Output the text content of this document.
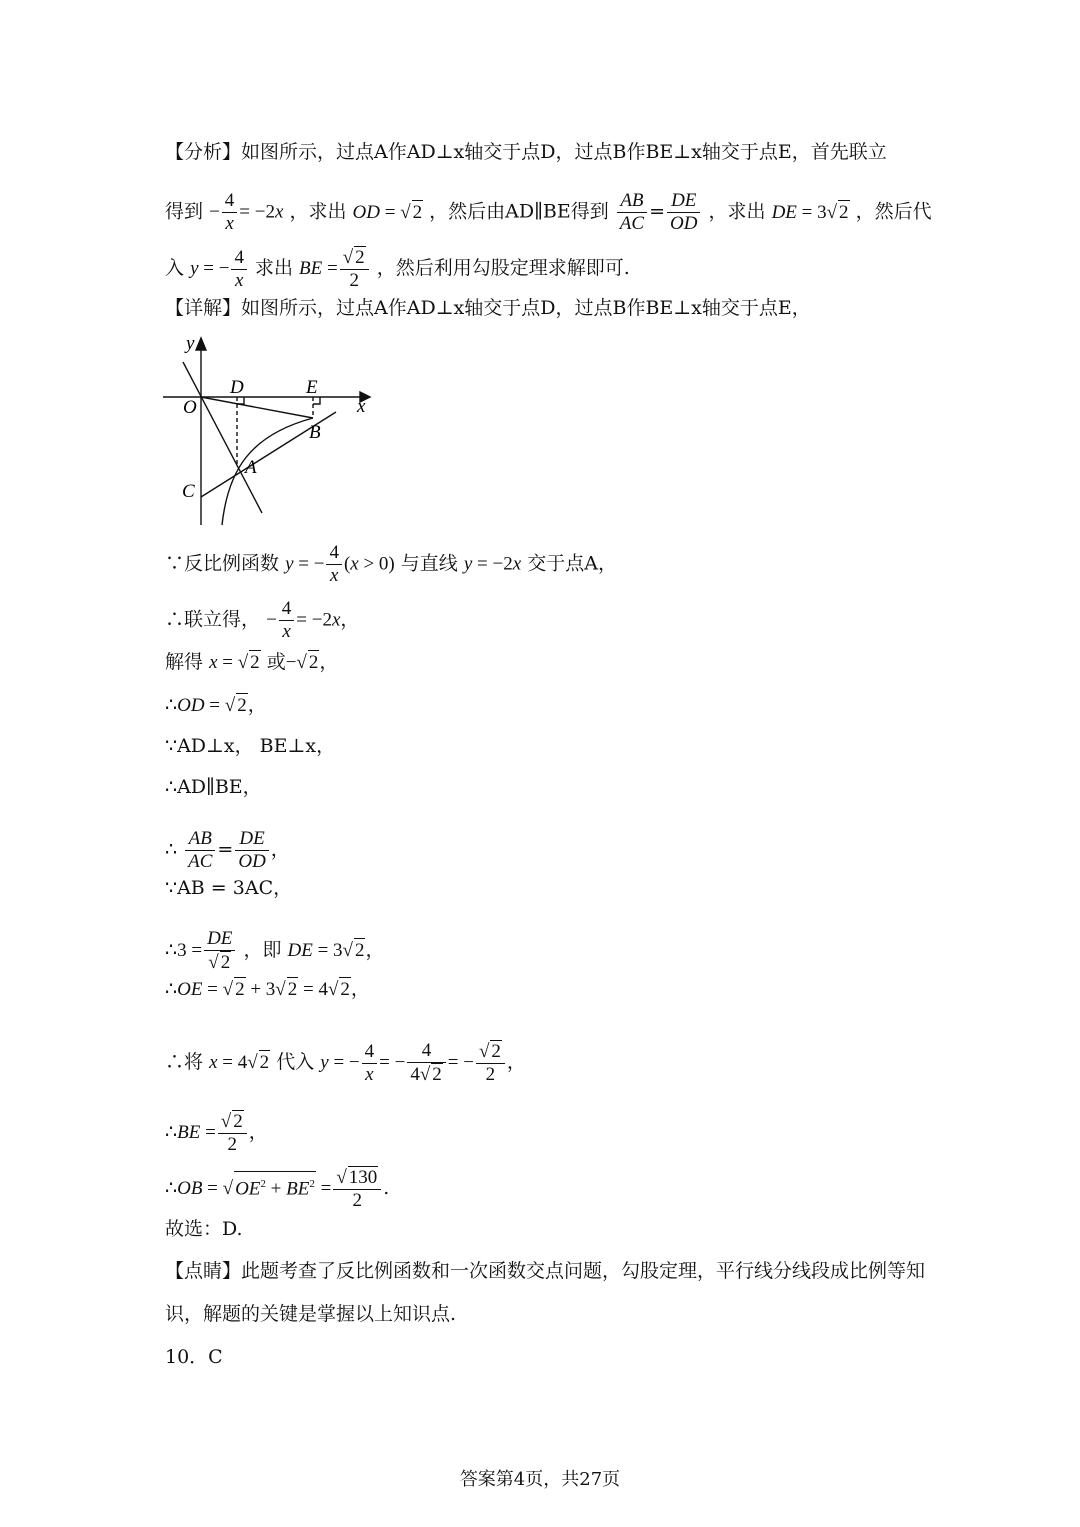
【分析】如图所示，过点A作AD⊥x轴交于点D，过点B作BE⊥x轴交于点E，首先联立
得到 − $\frac{4}{x} = -2x$ ，求出 OD = √ 2 ，然后由AD∥BE得到 $\frac{AB}{AC} = \frac{DE}{OD}$ ，求出 DE = 3√ 2 ，然后代
入 y = − $\frac{4}{x}$ 求出 BE = $\frac{√ 2}{2}$ ，然后利用勾股定理求解即可.
【详解】如图所示，过点A作AD⊥x轴交于点D，过点B作BE⊥x轴交于点E，
y
x
O
D	E
B
A
C
∵反比例函数 y = − $\frac{4}{x} (x > 0)$ 与直线 y = −2x 交于点A，
∴联立得， − $\frac{4}{x} = -2x$，
解得 x = √ 2 或−√ 2，
∴OD = √ 2，
∵AD⊥x， BE⊥x，
∴AD∥BE，
∴ $\frac{AB}{AC} = \frac{DE}{OD}$ ，
∵AB = 3AC，
∴3 = $\frac{DE}{√ 2}$ ，即 DE = 3√ 2，
∴OE = √ 2 + 3√ 2 = 4√ 2，
∴将 x = 4√ 2 代入 y = − $\frac{4}{x}$ = − $\frac{4}{4√ 2}$ = − $\frac{√ 2}{2}$ ，
∴BE = $\frac{√ 2}{2}$ ，
∴OB = √ $OE^2 + BE^2 = \frac{√ 130}{2}$ .
故选：D.
【点睛】此题考查了反比例函数和一次函数交点问题，勾股定理，平行线分线段成比例等知
识，解题的关键是掌握以上知识点.
10．C
答案第4页，共27页
